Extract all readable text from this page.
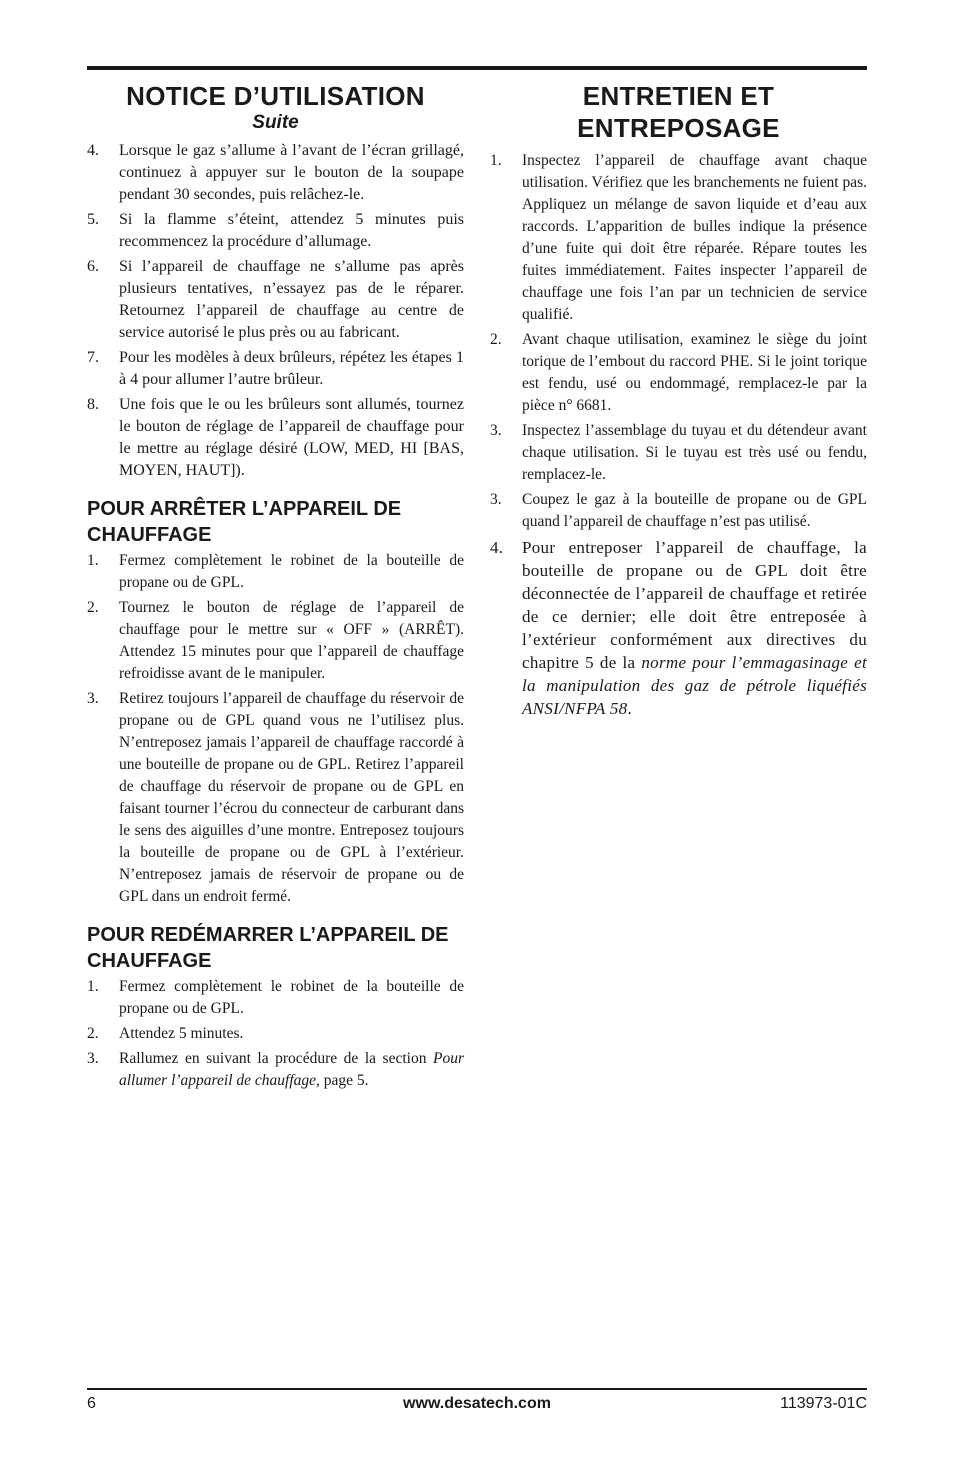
NOTICE D’UTILISATION
Suite
4. Lorsque le gaz s’allume à l’avant de l’écran grillagé, continuez à appuyer sur le bouton de la soupape pendant 30 secondes, puis relâchez-le.
5. Si la flamme s’éteint, attendez 5 minutes puis recommencez la procédure d’allumage.
6. Si l’appareil de chauffage ne s’allume pas après plusieurs tentatives, n’essayez pas de le réparer. Retournez l’appareil de chauffage au centre de service autorisé le plus près ou au fabricant.
7. Pour les modèles à deux brûleurs, répétez les étapes 1 à 4 pour allumer l’autre brûleur.
8. Une fois que le ou les brûleurs sont allumés, tournez le bouton de réglage de l’appareil de chauffage pour le mettre au réglage désiré (LOW, MED, HI [BAS, MOYEN, HAUT]).
POUR ARRÊTER L’APPAREIL DE CHAUFFAGE
1. Fermez complètement le robinet de la bouteille de propane ou de GPL.
2. Tournez le bouton de réglage de l’appareil de chauffage pour le mettre sur « OFF » (ARRÊT). Attendez 15 minutes pour que l’appareil de chauffage refroidisse avant de le manipuler.
3. Retirez toujours l’appareil de chauffage du réservoir de propane ou de GPL quand vous ne l’utilisez plus. N’entreposez jamais l’appareil de chauffage raccordé à une bouteille de propane ou de GPL. Retirez l’appareil de chauffage du réservoir de propane ou de GPL en faisant tourner l’écrou du connecteur de carburant dans le sens des aiguilles d’une montre. Entreposez toujours la bouteille de propane ou de GPL à l’extérieur. N’entreposez jamais de réservoir de propane ou de GPL dans un endroit fermé.
POUR REDÉMARRER L’APPAREIL DE CHAUFFAGE
1. Fermez complètement le robinet de la bouteille de propane ou de GPL.
2. Attendez 5 minutes.
3. Rallumez en suivant la procédure de la section Pour allumer l’appareil de chauffage, page 5.
ENTRETIEN ET ENTREPOSAGE
1. Inspectez l’appareil de chauffage avant chaque utilisation. Vérifiez que les branchements ne fuient pas. Appliquez un mélange de savon liquide et d’eau aux raccords. L’apparition de bulles indique la présence d’une fuite qui doit être réparée. Répare toutes les fuites immédiatement. Faites inspecter l’appareil de chauffage une fois l’an par un technicien de service qualifié.
2. Avant chaque utilisation, examinez le siège du joint torique de l’embout du raccord PHE. Si le joint torique est fendu, usé ou endommagé, remplacez-le par la pièce n° 6681.
3. Inspectez l’assemblage du tuyau et du détendeur avant chaque utilisation. Si le tuyau est très usé ou fendu, remplacez-le.
3. Coupez le gaz à la bouteille de propane ou de GPL quand l’appareil de chauffage n’est pas utilisé.
4. Pour entreposer l’appareil de chauffage, la bouteille de propane ou de GPL doit être déconnectée de l’appareil de chauffage et retirée de ce dernier; elle doit être entreposée à l’extérieur conformément aux directives du chapitre 5 de la norme pour l’emmagasinage et la manipulation des gaz de pétrole liquéfiés ANSI/NFPA 58.
6	www.desatech.com	113973-01C
